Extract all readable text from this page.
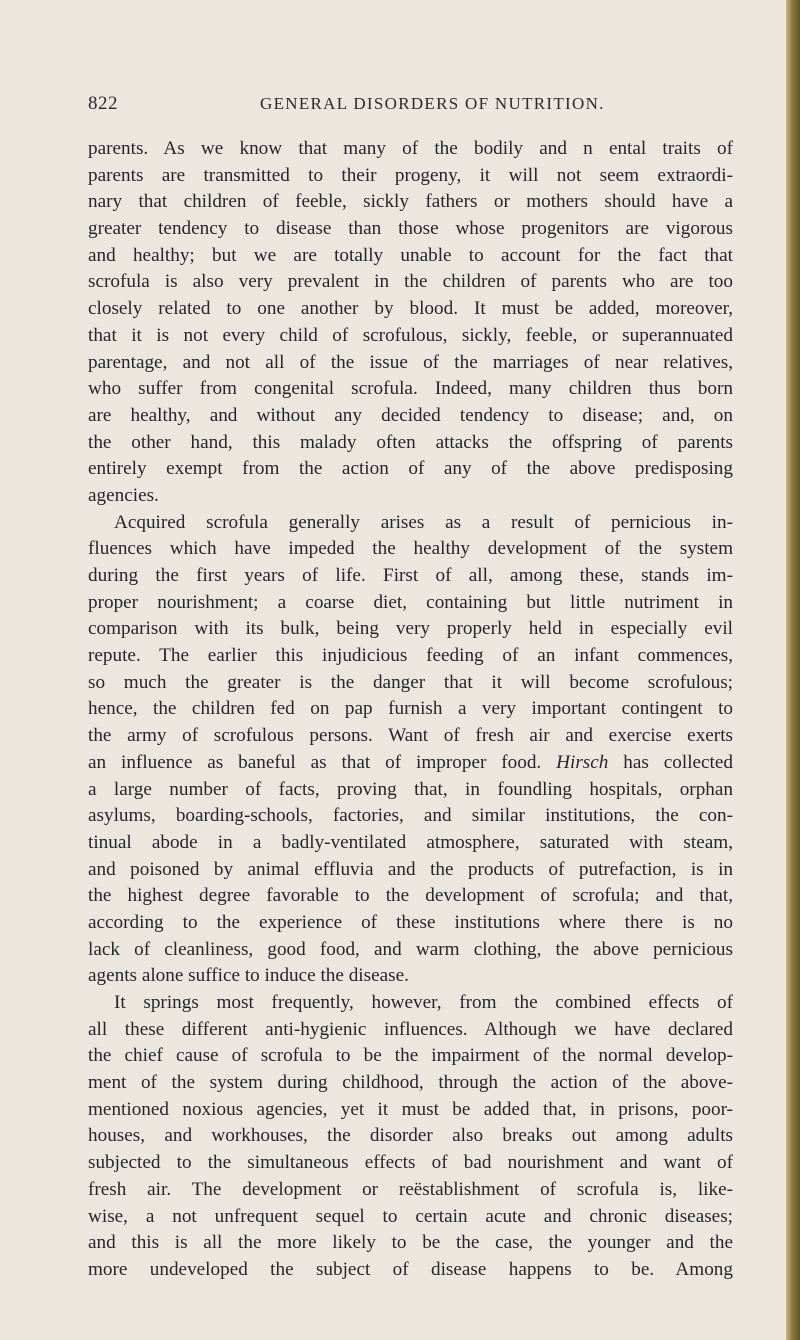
822	GENERAL DISORDERS OF NUTRITION.
parents. As we know that many of the bodily and n ental traits of
parents are transmitted to their progeny, it will not seem extraordi-
nary that children of feeble, sickly fathers or mothers should have a
greater tendency to disease than those whose progenitors are vigorous
and healthy; but we are totally unable to account for the fact that
scrofula is also very prevalent in the children of parents who are too
closely related to one another by blood. It must be added, moreover,
that it is not every child of scrofulous, sickly, feeble, or superannuated
parentage, and not all of the issue of the marriages of near relatives,
who suffer from congenital scrofula. Indeed, many children thus born
are healthy, and without any decided tendency to disease; and, on
the other hand, this malady often attacks the offspring of parents
entirely exempt from the action of any of the above predisposing
agencies.
Acquired scrofula generally arises as a result of pernicious in-
fluences which have impeded the healthy development of the system
during the first years of life. First of all, among these, stands im-
proper nourishment; a coarse diet, containing but little nutriment in
comparison with its bulk, being very properly held in especially evil
repute. The earlier this injudicious feeding of an infant commences,
so much the greater is the danger that it will become scrofulous;
hence, the children fed on pap furnish a very important contingent to
the army of scrofulous persons. Want of fresh air and exercise exerts
an influence as baneful as that of improper food. Hirsch has collected
a large number of facts, proving that, in foundling hospitals, orphan
asylums, boarding-schools, factories, and similar institutions, the con-
tinual abode in a badly-ventilated atmosphere, saturated with steam,
and poisoned by animal effluvia and the products of putrefaction, is in
the highest degree favorable to the development of scrofula; and that,
according to the experience of these institutions where there is no
lack of cleanliness, good food, and warm clothing, the above pernicious
agents alone suffice to induce the disease.
It springs most frequently, however, from the combined effects of
all these different anti-hygienic influences. Although we have declared
the chief cause of scrofula to be the impairment of the normal develop-
ment of the system during childhood, through the action of the above-
mentioned noxious agencies, yet it must be added that, in prisons, poor-
houses, and workhouses, the disorder also breaks out among adults
subjected to the simultaneous effects of bad nourishment and want of
fresh air. The development or reëstablishment of scrofula is, like-
wise, a not unfrequent sequel to certain acute and chronic diseases;
and this is all the more likely to be the case, the younger and the
more undeveloped the subject of disease happens to be. Among
